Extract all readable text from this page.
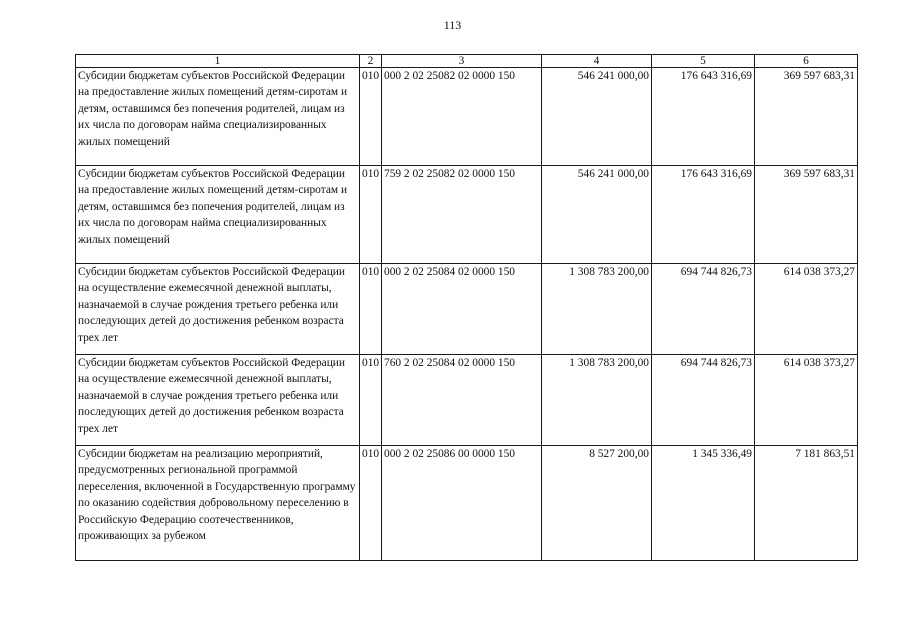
113
1	2	3	4	5	6
Субсидии бюджетам субъектов Российской Федерации на предоставление жилых помещений детям-сиротам и детям, оставшимся без попечения родителей, лицам из их числа по договорам найма специализированных жилых помещений	010	000 2 02 25082 02 0000 150	546 241 000,00	176 643 316,69	369 597 683,31
Субсидии бюджетам субъектов Российской Федерации на предоставление жилых помещений детям-сиротам и детям, оставшимся без попечения родителей, лицам из их числа по договорам найма специализированных жилых помещений	010	759 2 02 25082 02 0000 150	546 241 000,00	176 643 316,69	369 597 683,31
Субсидии бюджетам субъектов Российской Федерации на осуществление ежемесячной денежной выплаты, назначаемой в случае рождения третьего ребенка или последующих детей до достижения ребенком возраста трех лет	010	000 2 02 25084 02 0000 150	1 308 783 200,00	694 744 826,73	614 038 373,27
Субсидии бюджетам субъектов Российской Федерации на осуществление ежемесячной денежной выплаты, назначаемой в случае рождения третьего ребенка или последующих детей до достижения ребенком возраста трех лет	010	760 2 02 25084 02 0000 150	1 308 783 200,00	694 744 826,73	614 038 373,27
Субсидии бюджетам на реализацию мероприятий, предусмотренных региональной программой переселения, включенной в Государственную программу по оказанию содействия добровольному переселению в Российскую Федерацию соотечественников, проживающих за рубежом	010	000 2 02 25086 00 0000 150	8 527 200,00	1 345 336,49	7 181 863,51
